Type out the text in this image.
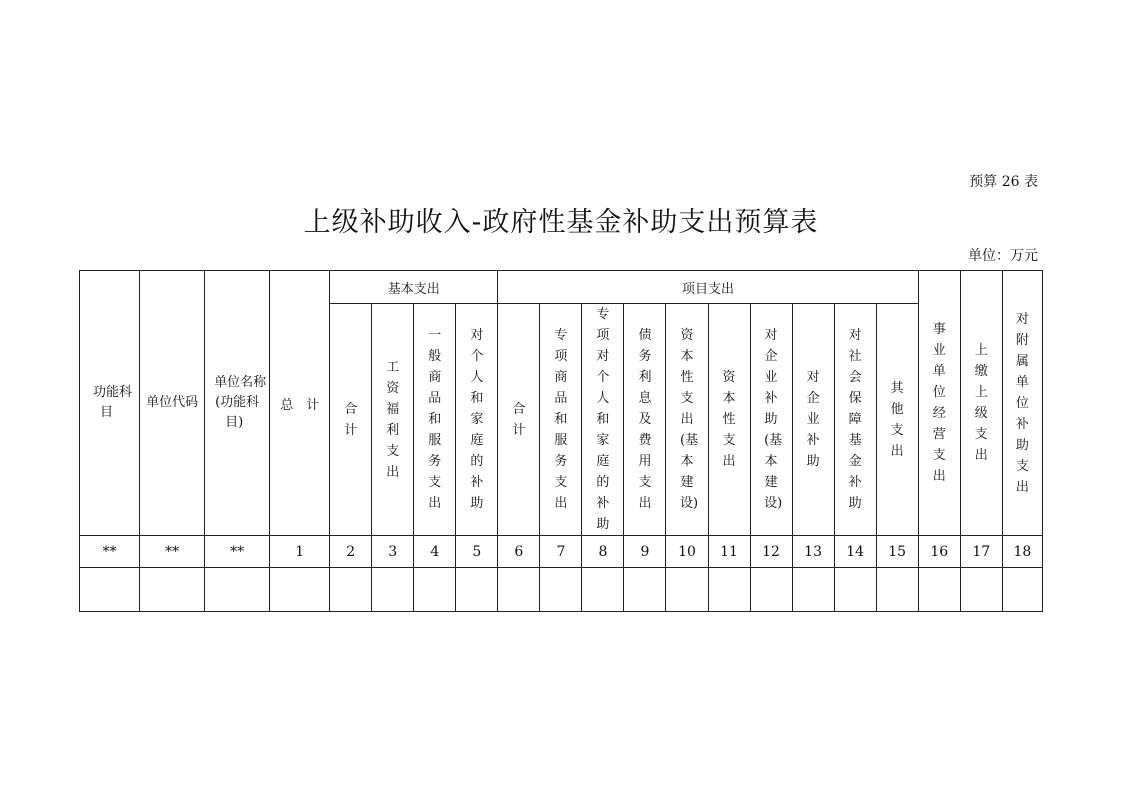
预算 26 表
上级补助收入-政府性基金补助支出预算表
单位：万元
功能科目	单位代码	单位名称(功能科目)	总　计	基本支出				项目支出										事业单位经营支出	上缴上级支出	对附属单位补助支出
				合计	工资福利支出	一般商品和服务支出	对个人和家庭的补助	合计	专项商品和服务支出	专项对个人和家庭的补助	债务利息及费用支出	资本性支出(基本建设)	资本性支出	对企业补助(基本建设)	对企业补助	对社会保障基金补助	其他支出			
**	**	**	1	2	3	4	5	6	7	8	9	10	11	12	13	14	15	16	17	18
